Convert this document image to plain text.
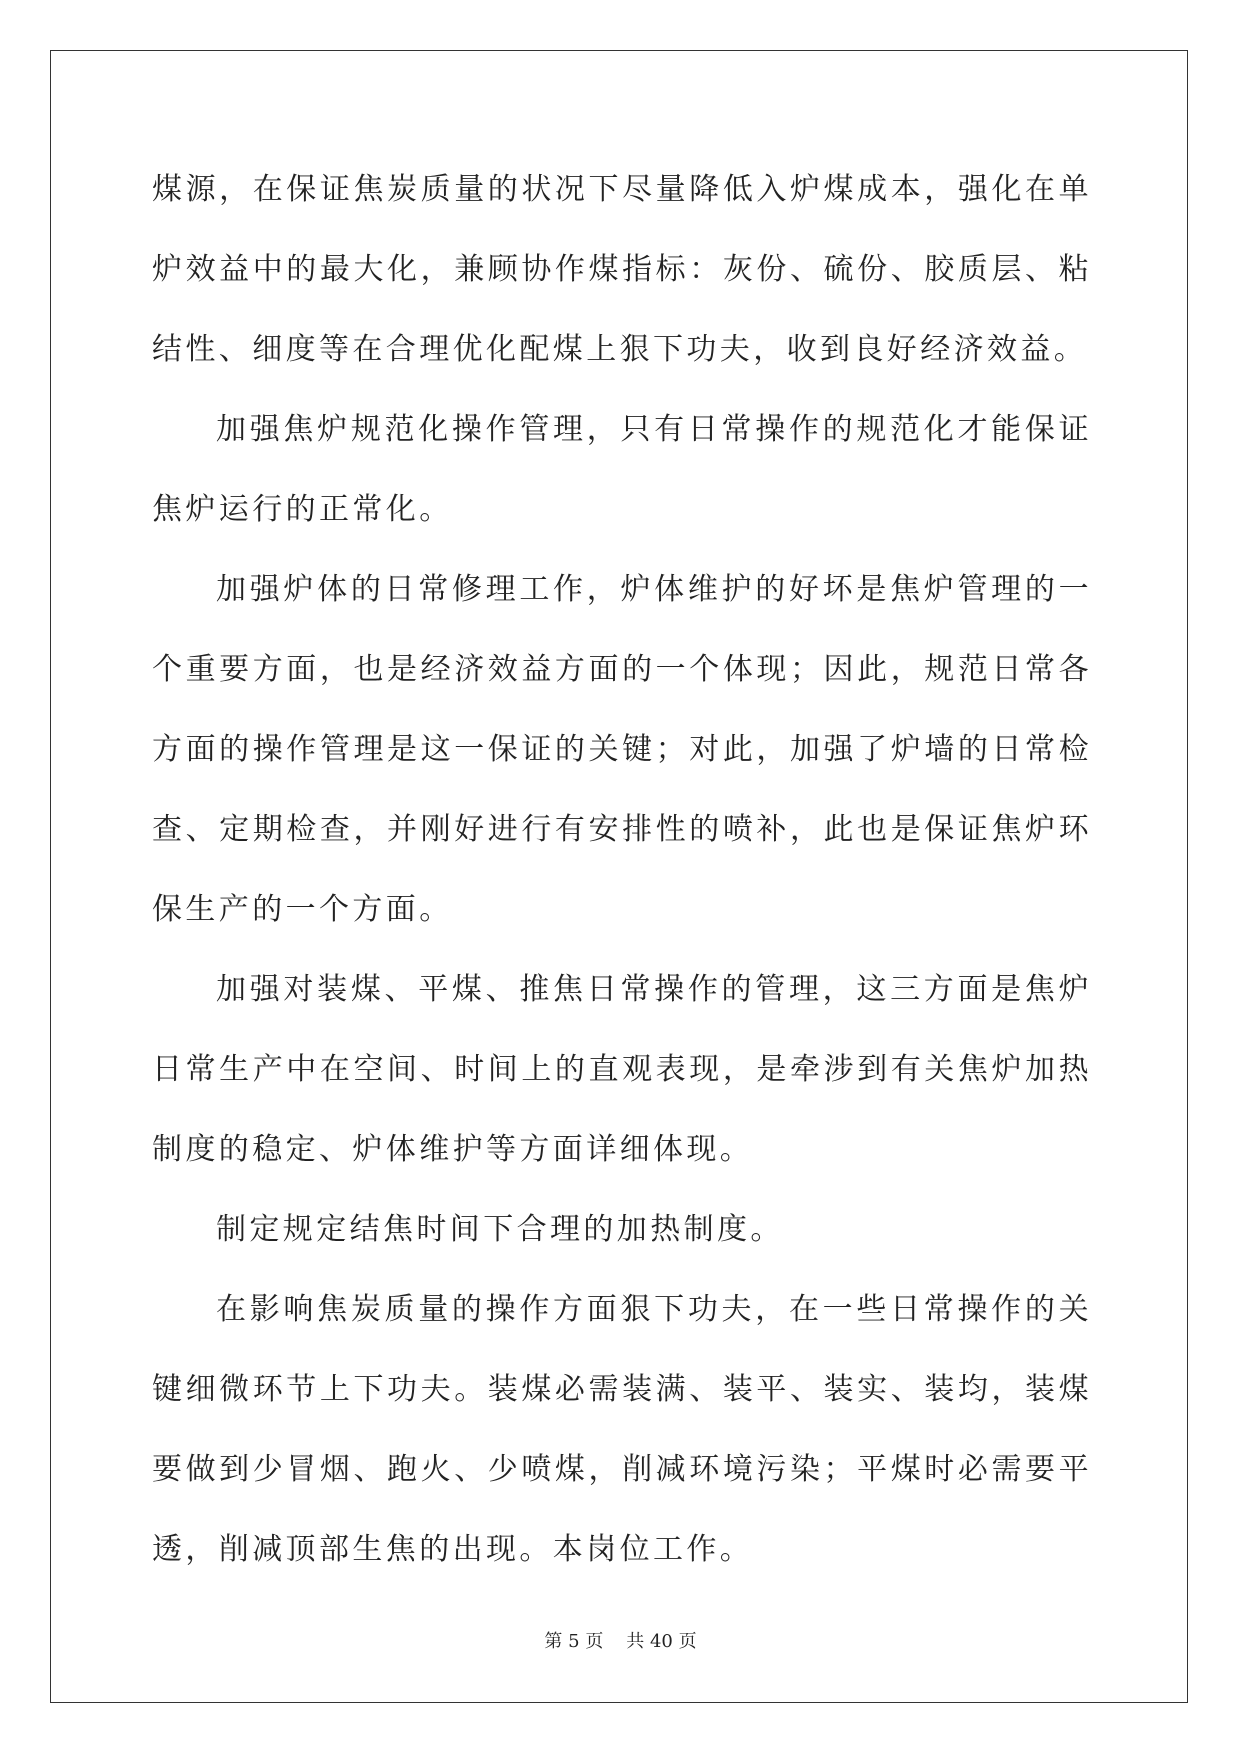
煤源，在保证焦炭质量的状况下尽量降低入炉煤成本，强化在单炉效益中的最大化，兼顾协作煤指标：灰份、硫份、胶质层、粘结性、细度等在合理优化配煤上狠下功夫，收到良好经济效益。

加强焦炉规范化操作管理，只有日常操作的规范化才能保证焦炉运行的正常化。

加强炉体的日常修理工作，炉体维护的好坏是焦炉管理的一个重要方面，也是经济效益方面的一个体现；因此，规范日常各方面的操作管理是这一保证的关键；对此，加强了炉墙的日常检查、定期检查，并刚好进行有安排性的喷补，此也是保证焦炉环保生产的一个方面。

加强对装煤、平煤、推焦日常操作的管理，这三方面是焦炉日常生产中在空间、时间上的直观表现，是牵涉到有关焦炉加热制度的稳定、炉体维护等方面详细体现。

制定规定结焦时间下合理的加热制度。

在影响焦炭质量的操作方面狠下功夫，在一些日常操作的关键细微环节上下功夫。装煤必需装满、装平、装实、装均，装煤要做到少冒烟、跑火、少喷煤，削减环境污染；平煤时必需要平透，削减顶部生焦的出现。本岗位工作。

第 5 页 共 40 页
